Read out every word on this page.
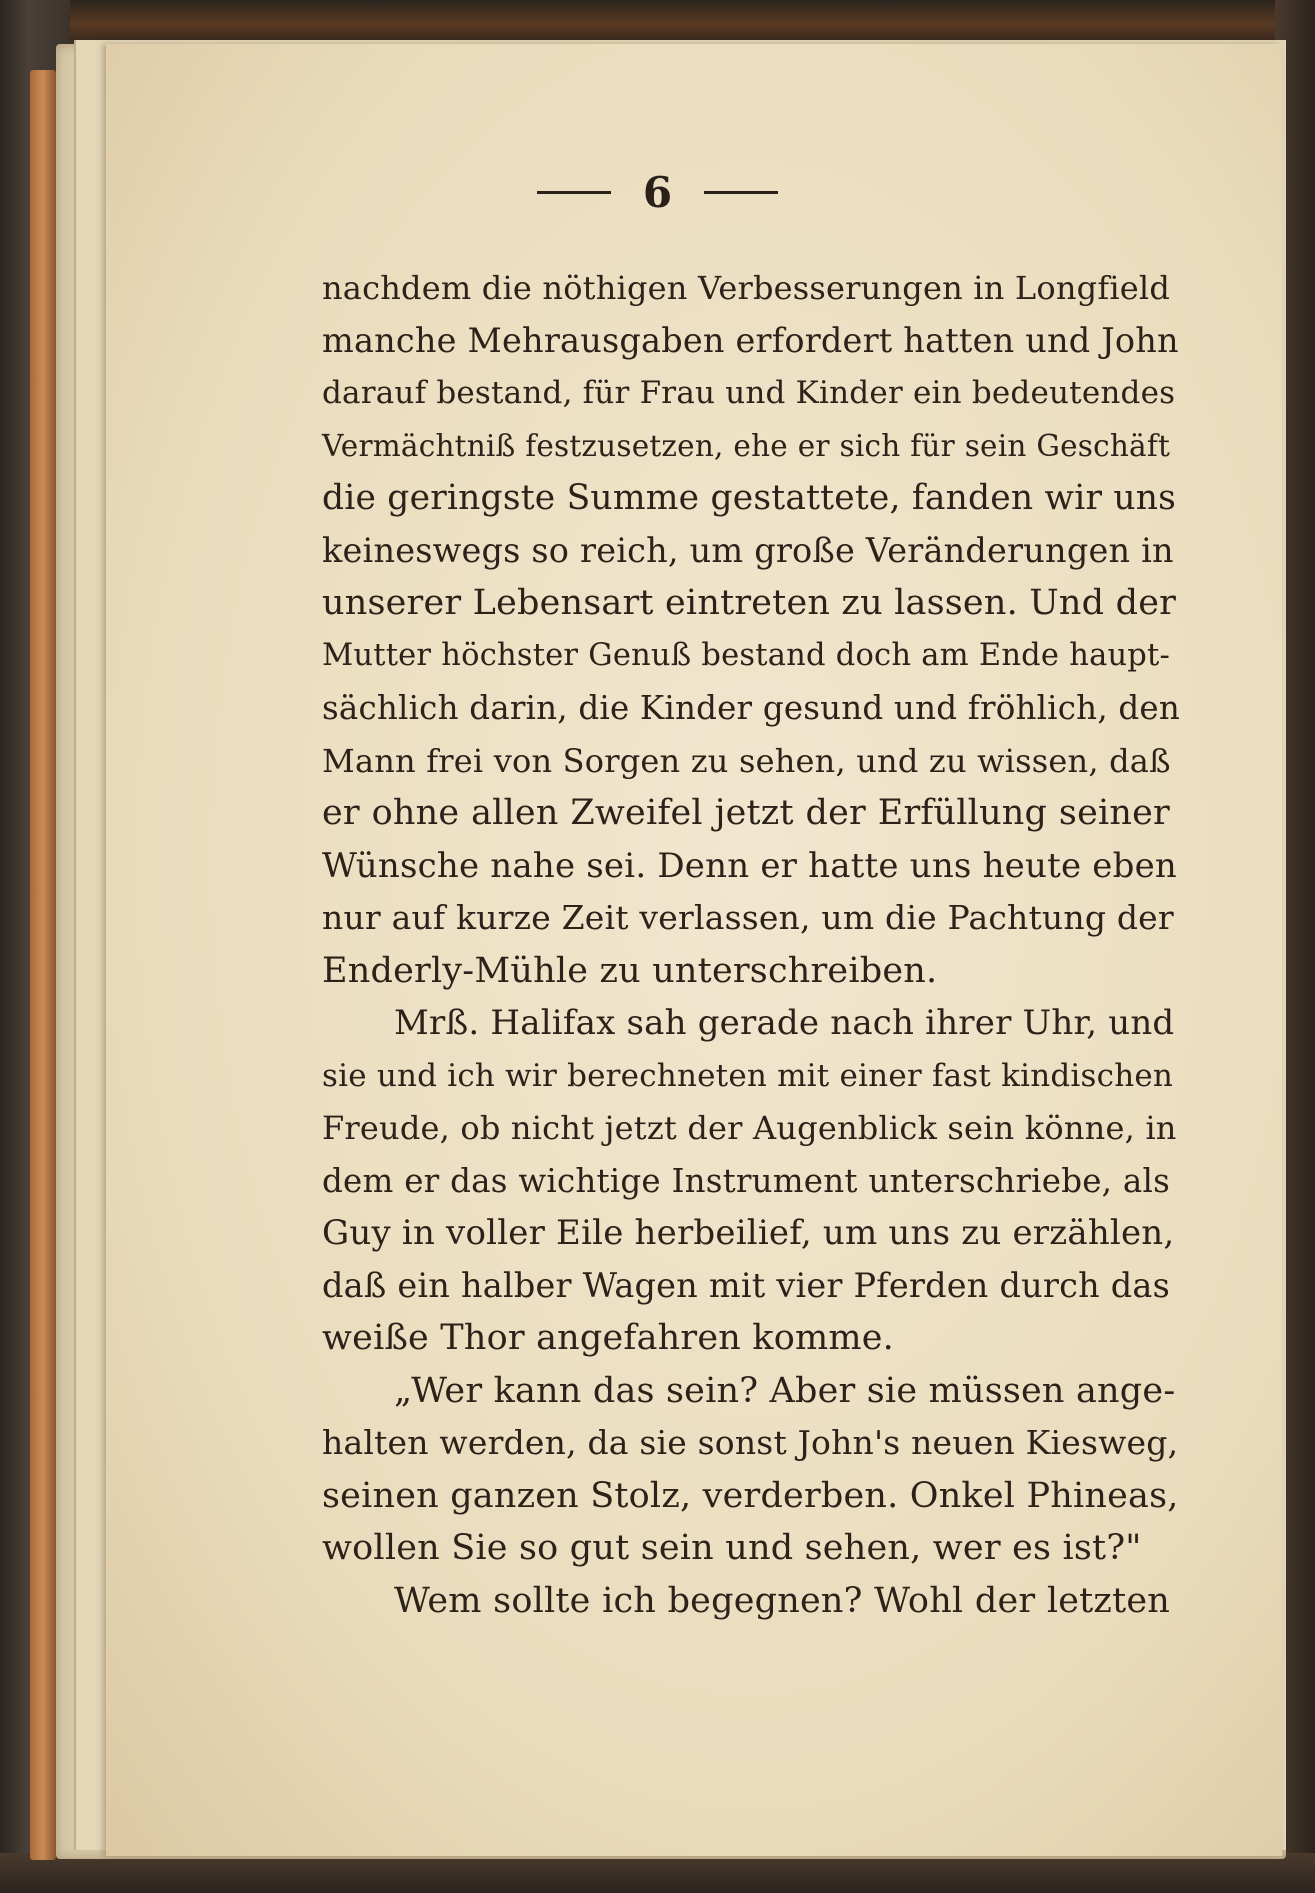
6
nachdem die nöthigen Verbesserungen in Longfield
manche Mehrausgaben erfordert hatten und John
darauf bestand, für Frau und Kinder ein bedeutendes
Vermächtniß festzusetzen, ehe er sich für sein Geschäft
die geringste Summe gestattete, fanden wir uns
keineswegs so reich, um große Veränderungen in
unserer Lebensart eintreten zu lassen. Und der
Mutter höchster Genuß bestand doch am Ende haupt-
sächlich darin, die Kinder gesund und fröhlich, den
Mann frei von Sorgen zu sehen, und zu wissen, daß
er ohne allen Zweifel jetzt der Erfüllung seiner
Wünsche nahe sei. Denn er hatte uns heute eben
nur auf kurze Zeit verlassen, um die Pachtung der
Enderly-Mühle zu unterschreiben.
Mrß. Halifax sah gerade nach ihrer Uhr, und
sie und ich wir berechneten mit einer fast kindischen
Freude, ob nicht jetzt der Augenblick sein könne, in
dem er das wichtige Instrument unterschriebe, als
Guy in voller Eile herbeilief, um uns zu erzählen,
daß ein halber Wagen mit vier Pferden durch das
weiße Thor angefahren komme.
„Wer kann das sein? Aber sie müssen ange-
halten werden, da sie sonst John's neuen Kiesweg,
seinen ganzen Stolz, verderben. Onkel Phineas,
wollen Sie so gut sein und sehen, wer es ist?"
Wem sollte ich begegnen? Wohl der letzten
